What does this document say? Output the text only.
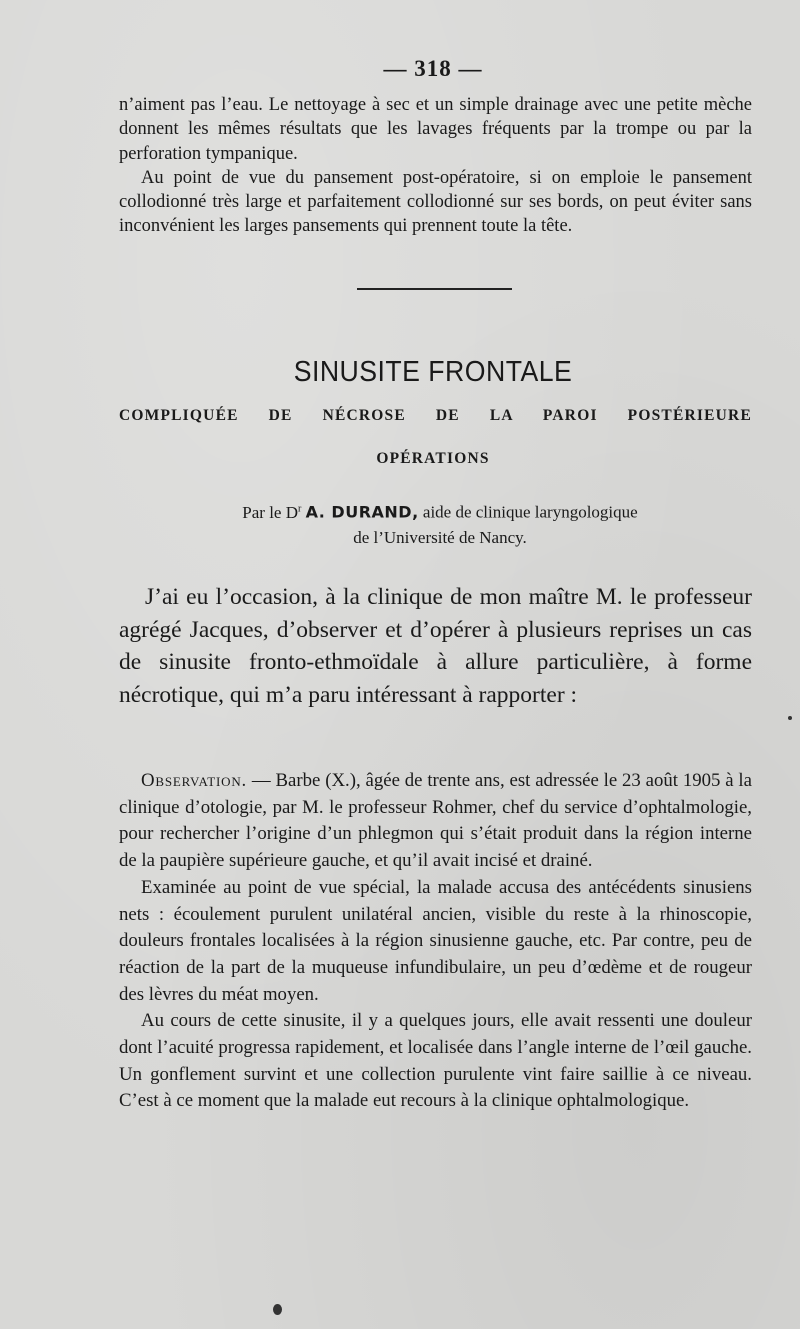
— 318 —

n’aiment pas l’eau. Le nettoyage à sec et un simple drainage avec une petite mèche donnent les mêmes résultats que les lavages fréquents par la trompe ou par la perforation tympanique.

Au point de vue du pansement post-opératoire, si on emploie le pansement collodionné très large et parfaitement collodionné sur ses bords, on peut éviter sans inconvénient les larges pansements qui prennent toute la tête.

SINUSITE FRONTALE
COMPLIQUÉE DE NÉCROSE DE LA PAROI POSTÉRIEURE
OPÉRATIONS
Par le $D^r$ A. DURAND, aide de clinique laryngologique
de l’Université de Nancy.

J’ai eu l’occasion, à la clinique de mon maître M. le professeur agrégé Jacques, d’observer et d’opérer à plusieurs reprises un cas de sinusite fronto-ethmoïdale à allure particulière, à forme nécrotique, qui m’a paru intéressant à rapporter :

Observation. — Barbe (X.), âgée de trente ans, est adressée le 23 août 1905 à la clinique d’otologie, par M. le professeur Rohmer, chef du service d’ophtalmologie, pour rechercher l’origine d’un phlegmon qui s’était produit dans la région interne de la paupière supérieure gauche, et qu’il avait incisé et drainé.

Examinée au point de vue spécial, la malade accusa des antécédents sinusiens nets : écoulement purulent unilatéral ancien, visible du reste à la rhinoscopie, douleurs frontales localisées à la région sinusienne gauche, etc. Par contre, peu de réaction de la part de la muqueuse infundibulaire, un peu d’œdème et de rougeur des lèvres du méat moyen.

Au cours de cette sinusite, il y a quelques jours, elle avait ressenti une douleur dont l’acuité progressa rapidement, et localisée dans l’angle interne de l’œil gauche. Un gonflement survint et une collection purulente vint faire saillie à ce niveau. C’est à ce moment que la malade eut recours à la clinique ophtalmologique.
